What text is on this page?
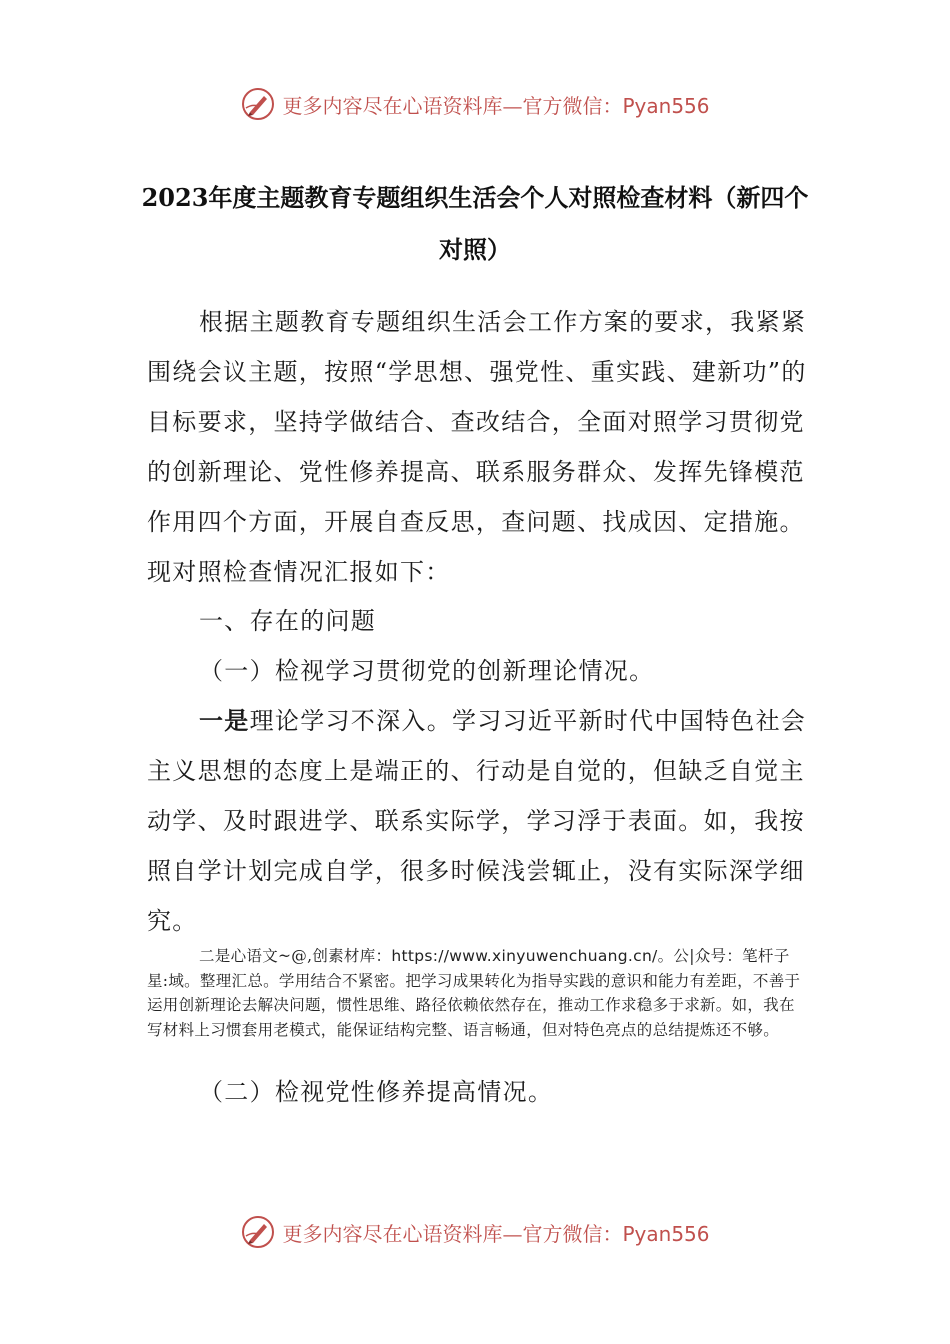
更多内容尽在心语资料库—官方微信：Pyan556
2023年度主题教育专题组织生活会个人对照检查材料（新四个对照）
根据主题教育专题组织生活会工作方案的要求，我紧紧围绕会议主题，按照“学思想、强党性、重实践、建新功”的目标要求，坚持学做结合、查改结合，全面对照学习贯彻党的创新理论、党性修养提高、联系服务群众、发挥先锋模范作用四个方面，开展自查反思，查问题、找成因、定措施。现对照检查情况汇报如下：
一、存在的问题
（一）检视学习贯彻党的创新理论情况。
一是理论学习不深入。学习习近平新时代中国特色社会主义思想的态度上是端正的、行动是自觉的，但缺乏自觉主动学、及时跟进学、联系实际学，学习浮于表面。如，我按照自学计划完成自学，很多时候浅尝辄止，没有实际深学细究。
二是心语文~@,创素材库：https://www.xinyuwenchuang.cn/。公|众号：笔杆子星:域。整理汇总。学用结合不紧密。把学习成果转化为指导实践的意识和能力有差距，不善于运用创新理论去解决问题，惯性思维、路径依赖依然存在，推动工作求稳多于求新。如，我在写材料上习惯套用老模式，能保证结构完整、语言畅通，但对特色亮点的总结提炼还不够。
（二）检视党性修养提高情况。
更多内容尽在心语资料库—官方微信：Pyan556
